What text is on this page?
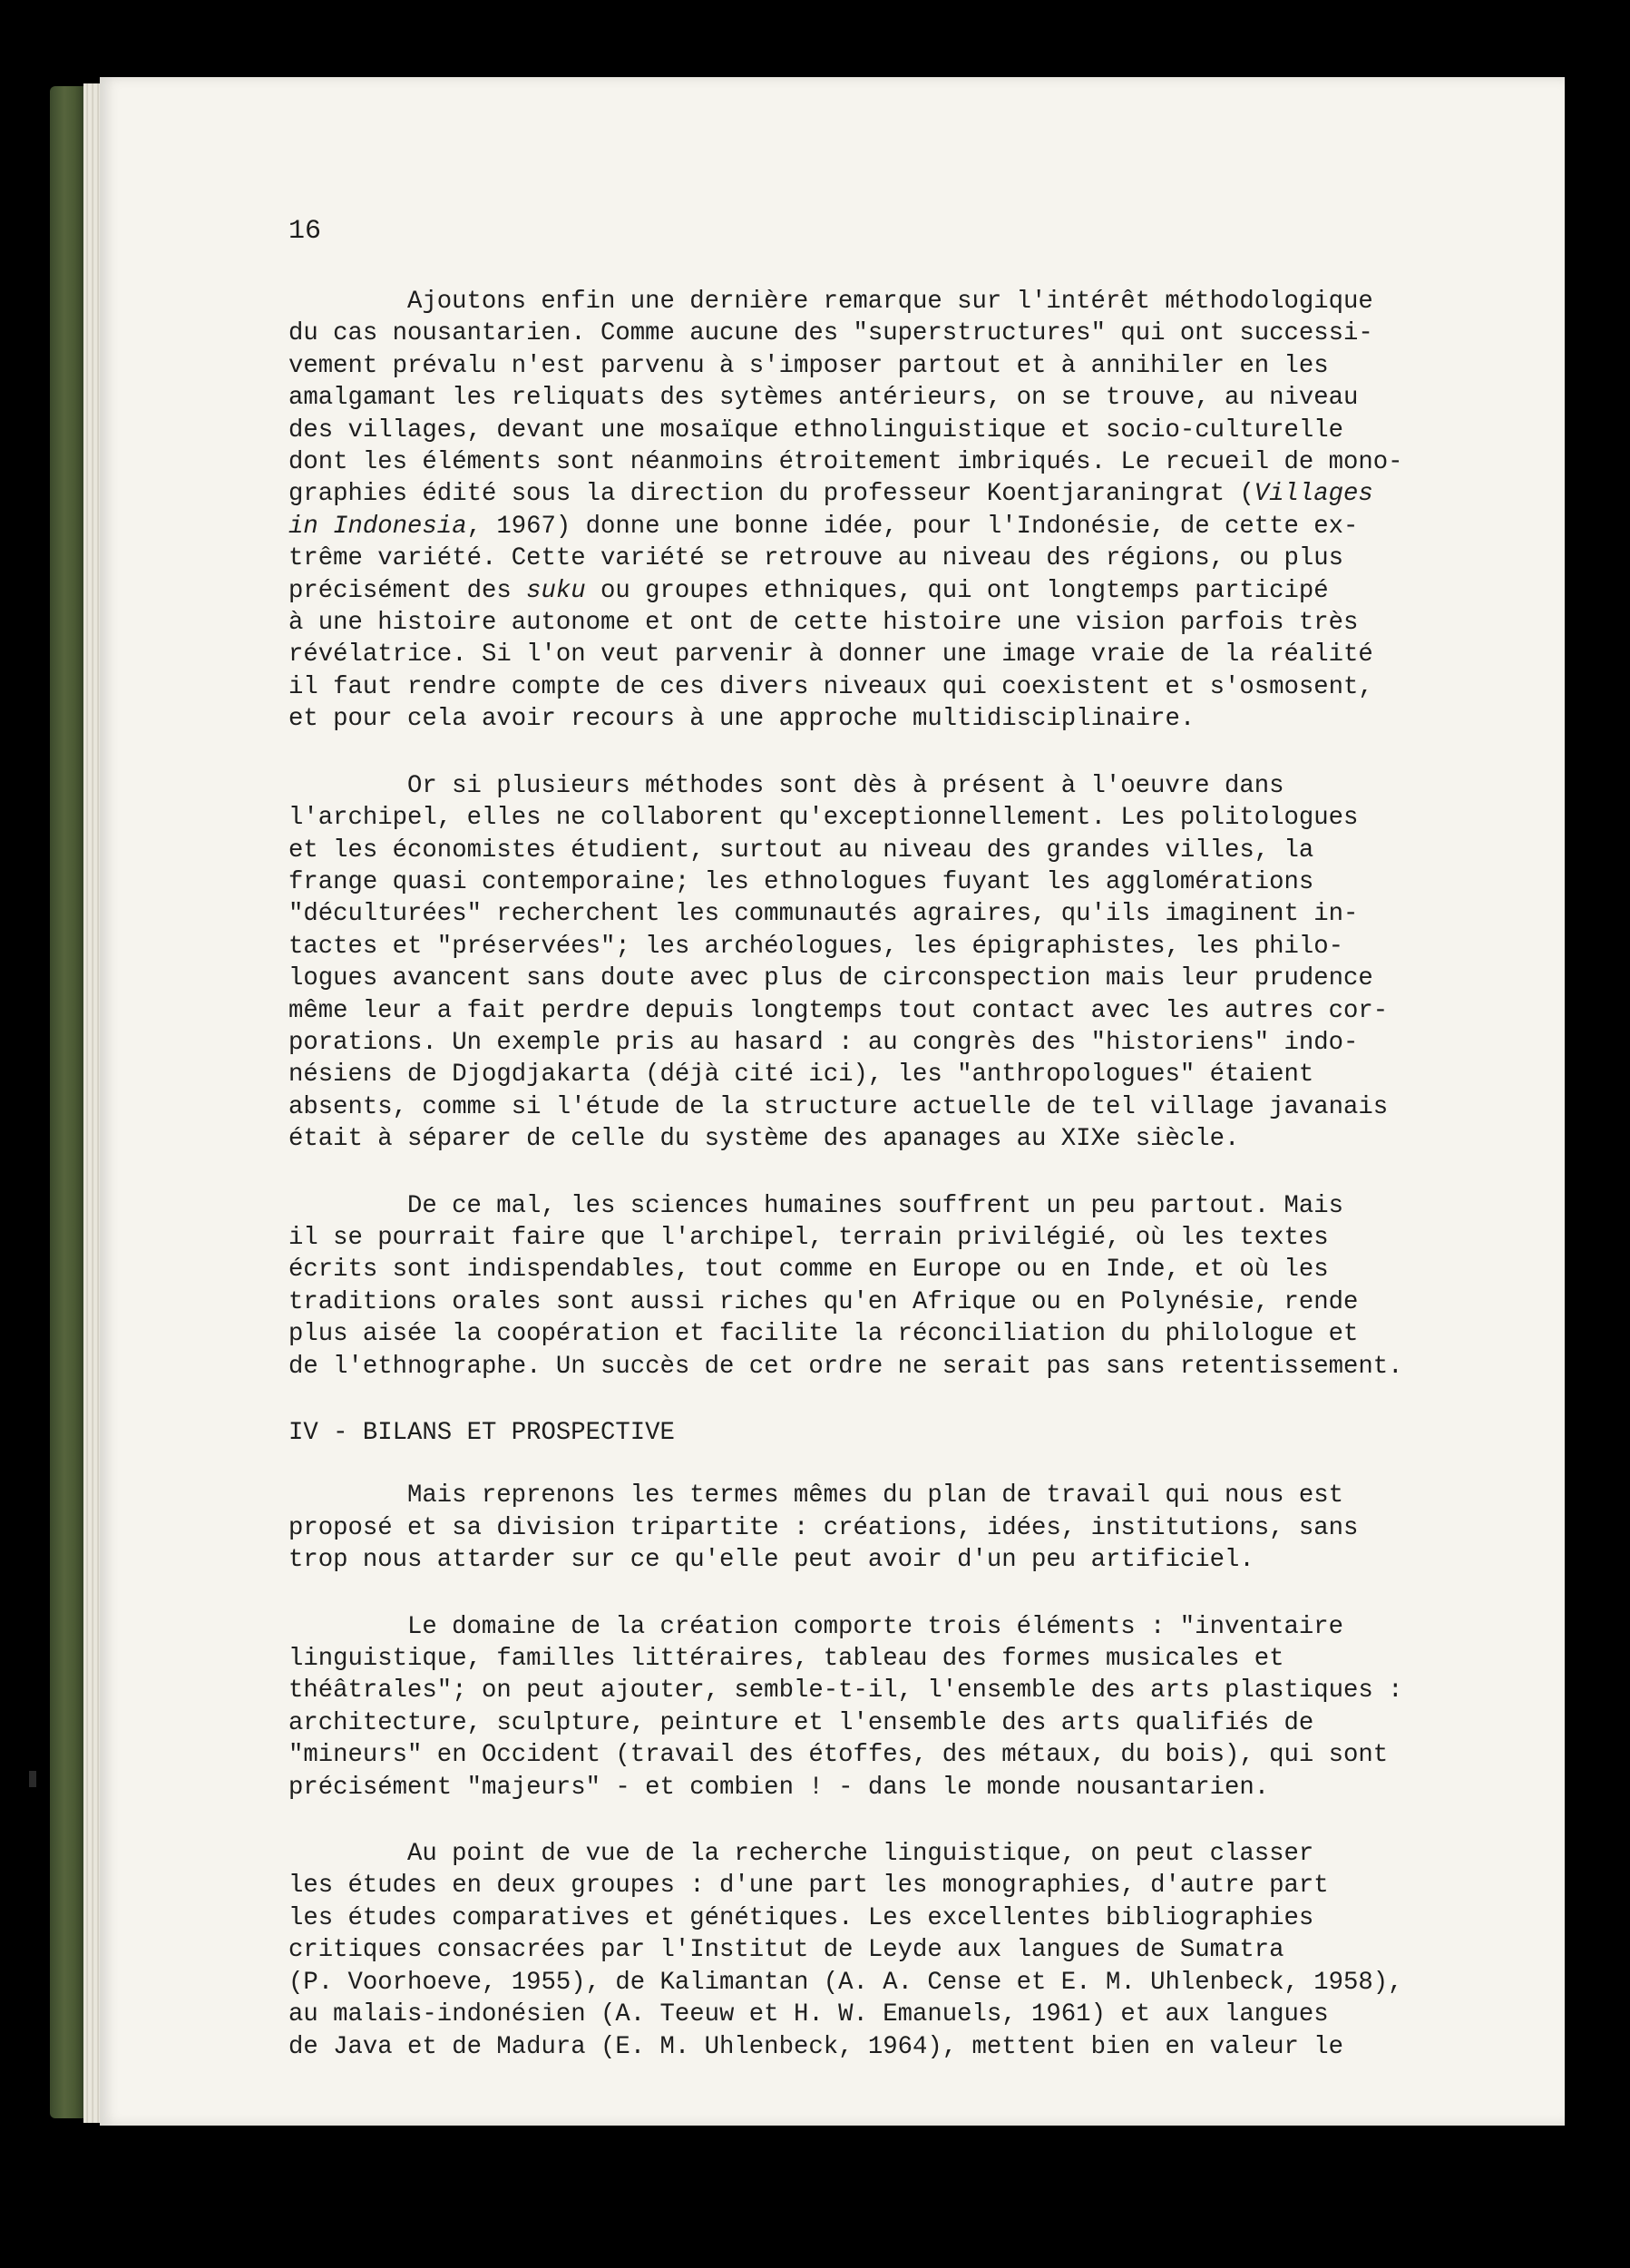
16

Ajoutons enfin une dernière remarque sur l'intérêt méthodologique
du cas nousantarien. Comme aucune des "superstructures" qui ont successi-
vement prévalu n'est parvenu à s'imposer partout et à annihiler en les
amalgamant les reliquats des sytèmes antérieurs, on se trouve, au niveau
des villages, devant une mosaïque ethnolinguistique et socio-culturelle
dont les éléments sont néanmoins étroitement imbriqués. Le recueil de mono-
graphies édité sous la direction du professeur Koentjaraningrat (Villages
in Indonesia, 1967) donne une bonne idée, pour l'Indonésie, de cette ex-
trême variété. Cette variété se retrouve au niveau des régions, ou plus
précisément des suku ou groupes ethniques, qui ont longtemps participé
à une histoire autonome et ont de cette histoire une vision parfois très
révélatrice. Si l'on veut parvenir à donner une image vraie de la réalité
il faut rendre compte de ces divers niveaux qui coexistent et s'osmosent,
et pour cela avoir recours à une approche multidisciplinaire.

Or si plusieurs méthodes sont dès à présent à l'oeuvre dans
l'archipel, elles ne collaborent qu'exceptionnellement. Les politologues
et les économistes étudient, surtout au niveau des grandes villes, la
frange quasi contemporaine; les ethnologues fuyant les agglomérations
"déculturées" recherchent les communautés agraires, qu'ils imaginent in-
tactes et "préservées"; les archéologues, les épigraphistes, les philo-
logues avancent sans doute avec plus de circonspection mais leur prudence
même leur a fait perdre depuis longtemps tout contact avec les autres cor-
porations. Un exemple pris au hasard : au congrès des "historiens" indo-
nésiens de Djogdjakarta (déjà cité ici), les "anthropologues" étaient
absents, comme si l'étude de la structure actuelle de tel village javanais
était à séparer de celle du système des apanages au XIXe siècle.

De ce mal, les sciences humaines souffrent un peu partout. Mais
il se pourrait faire que l'archipel, terrain privilégié, où les textes
écrits sont indispendables, tout comme en Europe ou en Inde, et où les
traditions orales sont aussi riches qu'en Afrique ou en Polynésie, rende
plus aisée la coopération et facilite la réconciliation du philologue et
de l'ethnographe. Un succès de cet ordre ne serait pas sans retentissement.

IV - BILANS ET PROSPECTIVE

Mais reprenons les termes mêmes du plan de travail qui nous est
proposé et sa division tripartite : créations, idées, institutions, sans
trop nous attarder sur ce qu'elle peut avoir d'un peu artificiel.

Le domaine de la création comporte trois éléments : "inventaire
linguistique, familles littéraires, tableau des formes musicales et
théâtrales"; on peut ajouter, semble-t-il, l'ensemble des arts plastiques :
architecture, sculpture, peinture et l'ensemble des arts qualifiés de
"mineurs" en Occident (travail des étoffes, des métaux, du bois), qui sont
précisément "majeurs" - et combien ! - dans le monde nousantarien.

Au point de vue de la recherche linguistique, on peut classer
les études en deux groupes : d'une part les monographies, d'autre part
les études comparatives et génétiques. Les excellentes bibliographies
critiques consacrées par l'Institut de Leyde aux langues de Sumatra
(P. Voorhoeve, 1955), de Kalimantan (A. A. Cense et E. M. Uhlenbeck, 1958),
au malais-indonésien (A. Teeuw et H. W. Emanuels, 1961) et aux langues
de Java et de Madura (E. M. Uhlenbeck, 1964), mettent bien en valeur le
